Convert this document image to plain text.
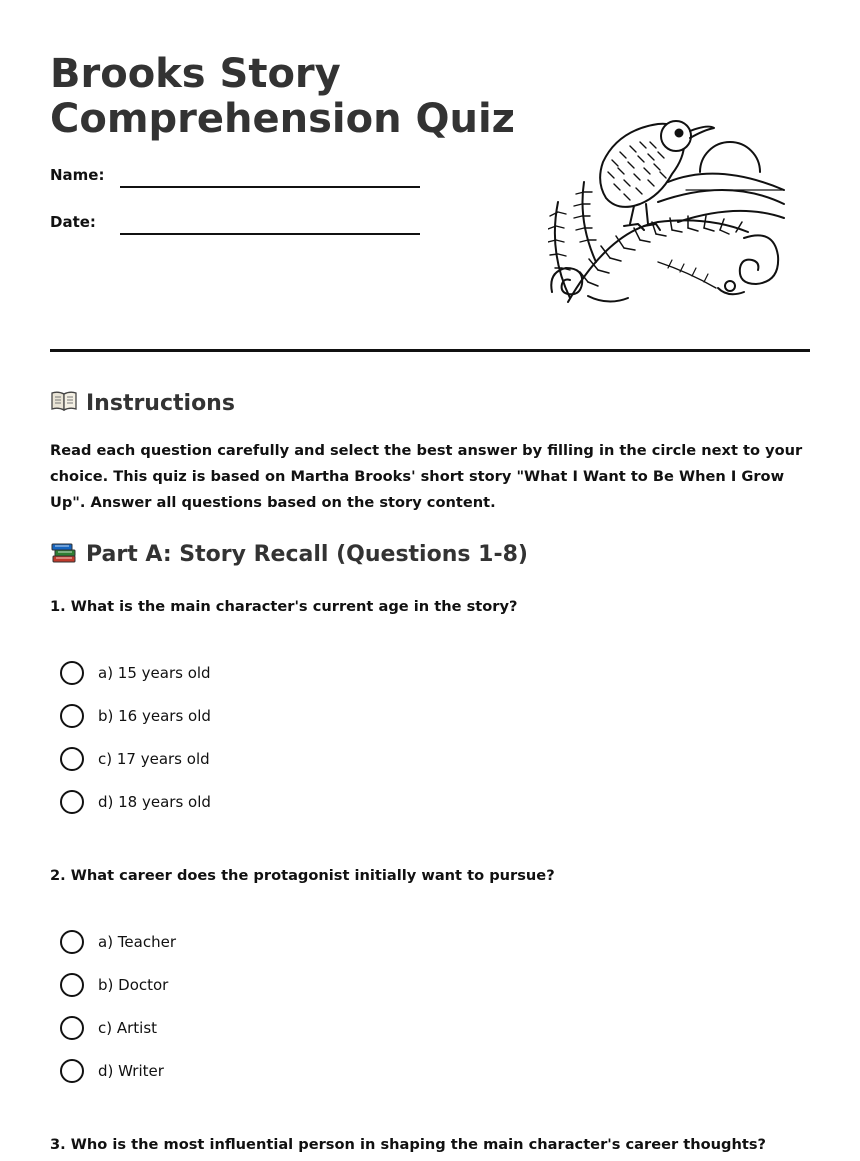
Brooks Story Comprehension Quiz
Name:
Date:
Instructions

Read each question carefully and select the best answer by filling in the circle next to your choice. This quiz is based on Martha Brooks' short story "What I Want to Be When I Grow Up". Answer all questions based on the story content.

Part A: Story Recall (Questions 1-8)

1. What is the main character's current age in the story?

a) 15 years old
b) 16 years old
c) 17 years old
d) 18 years old

2. What career does the protagonist initially want to pursue?

a) Teacher
b) Doctor
c) Artist
d) Writer

3. Who is the most influential person in shaping the main character's career thoughts?
